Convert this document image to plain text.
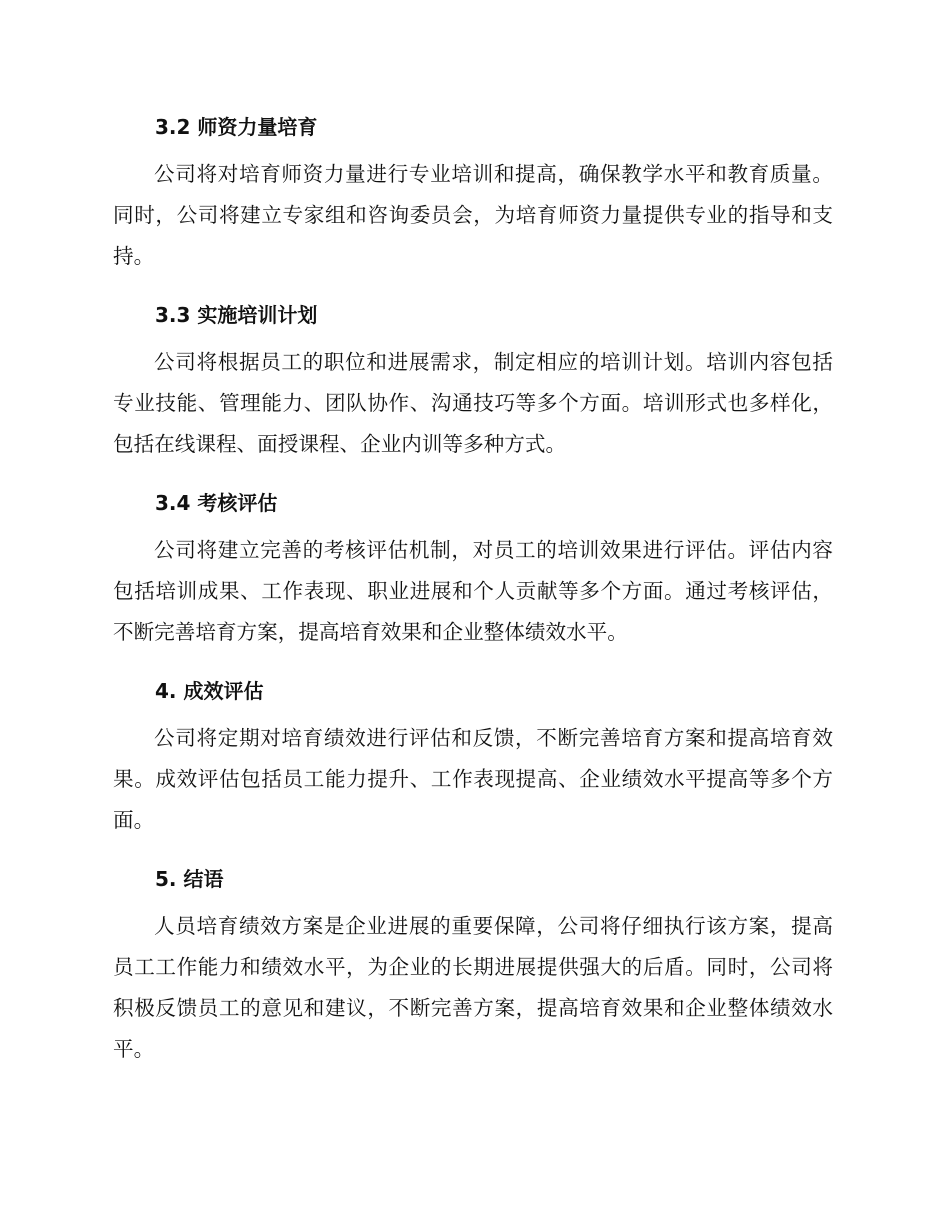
3.2 师资力量培育

公司将对培育师资力量进行专业培训和提高，确保教学水平和教育质量。同时，公司将建立专家组和咨询委员会，为培育师资力量提供专业的指导和支持。

3.3 实施培训计划

公司将根据员工的职位和进展需求，制定相应的培训计划。培训内容包括专业技能、管理能力、团队协作、沟通技巧等多个方面。培训形式也多样化，包括在线课程、面授课程、企业内训等多种方式。

3.4 考核评估

公司将建立完善的考核评估机制，对员工的培训效果进行评估。评估内容包括培训成果、工作表现、职业进展和个人贡献等多个方面。通过考核评估，不断完善培育方案，提高培育效果和企业整体绩效水平。

4. 成效评估

公司将定期对培育绩效进行评估和反馈，不断完善培育方案和提高培育效果。成效评估包括员工能力提升、工作表现提高、企业绩效水平提高等多个方面。

5. 结语

人员培育绩效方案是企业进展的重要保障，公司将仔细执行该方案，提高员工工作能力和绩效水平，为企业的长期进展提供强大的后盾。同时，公司将积极反馈员工的意见和建议，不断完善方案，提高培育效果和企业整体绩效水平。
